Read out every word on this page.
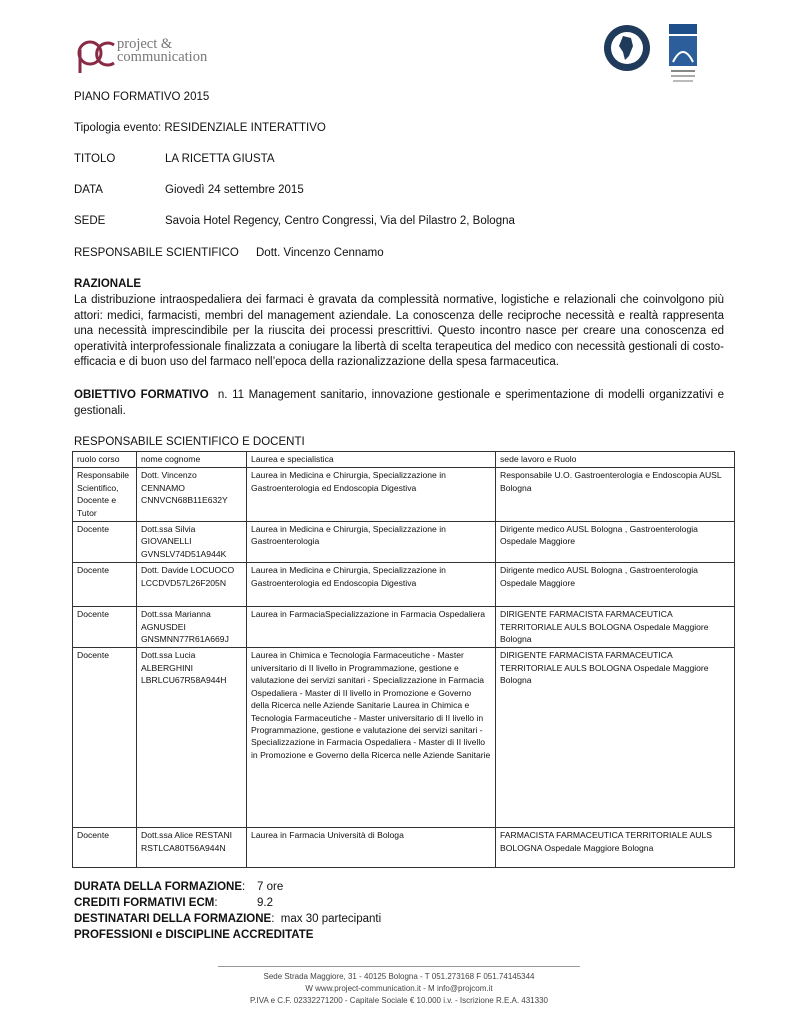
project &
communication
PIANO FORMATIVO 2015
Tipologia evento: RESIDENZIALE INTERATTIVO
TITOLO	LA RICETTA GIUSTA
DATA	Giovedì 24 settembre 2015
SEDE	Savoia Hotel Regency, Centro Congressi, Via del Pilastro 2, Bologna
RESPONSABILE SCIENTIFICO Dott. Vincenzo Cennamo
RAZIONALE
La distribuzione intraospedaliera dei farmaci è gravata da complessità normative, logistiche e relazionali che coinvolgono più attori: medici, farmacisti, membri del management aziendale. La conoscenza delle reciproche necessità e realtà rappresenta una necessità imprescindibile per la riuscita dei processi prescrittivi. Questo incontro nasce per creare una conoscenza ed operatività interprofessionale finalizzata a coniugare la libertà di scelta terapeutica del medico con necessità gestionali di costo-efficacia e di buon uso del farmaco nell’epoca della razionalizzazione della spesa farmaceutica.
OBIETTIVO FORMATIVO n. 11 Management sanitario, innovazione gestionale e sperimentazione di modelli organizzativi e gestionali.
RESPONSABILE SCIENTIFICO E DOCENTI
ruolo corso	nome cognome	Laurea e specialistica	sede lavoro e Ruolo
Responsabile Scientifico, Docente e Tutor	Dott. Vincenzo CENNAMO CNNVCN68B11E632Y	Laurea in Medicina e Chirurgia, Specializzazione in Gastroenterologia ed Endoscopia Digestiva	Responsabile U.O. Gastroenterologia e Endoscopia AUSL Bologna
Docente	Dott.ssa Silvia GIOVANELLI GVNSLV74D51A944K	Laurea in Medicina e Chirurgia, Specializzazione in Gastroenterologia	Dirigente medico AUSL Bologna , Gastroenterologia Ospedale Maggiore
Docente	Dott. Davide LOCUOCO LCCDVD57L26F205N	Laurea in Medicina e Chirurgia, Specializzazione in Gastroenterologia ed Endoscopia Digestiva	Dirigente medico AUSL Bologna , Gastroenterologia Ospedale Maggiore
Docente	Dott.ssa Marianna AGNUSDEI GNSMNN77R61A669J	Laurea in FarmaciaSpecializzazione in Farmacia Ospedaliera	DIRIGENTE FARMACISTA FARMACEUTICA TERRITORIALE AULS BOLOGNA Ospedale Maggiore Bologna
Docente	Dott.ssa Lucia ALBERGHINI LBRLCU67R58A944H	Laurea in Chimica e Tecnologia Farmaceutiche - Master universitario di II livello in Programmazione, gestione e valutazione dei servizi sanitari - Specializzazione in Farmacia Ospedaliera - Master di II livello in Promozione e Governo della Ricerca nelle Aziende Sanitarie Laurea in Chimica e Tecnologia Farmaceutiche - Master universitario di II livello in Programmazione, gestione e valutazione dei servizi sanitari - Specializzazione in Farmacia Ospedaliera - Master di II livello in Promozione e Governo della Ricerca nelle Aziende Sanitarie	DIRIGENTE FARMACISTA FARMACEUTICA TERRITORIALE AULS BOLOGNA Ospedale Maggiore Bologna
Docente	Dott.ssa Alice RESTANI RSTLCA80T56A944N	Laurea in Farmacia Università di Bologa	FARMACISTA FARMACEUTICA TERRITORIALE AULS BOLOGNA Ospedale Maggiore Bologna
DURATA DELLA FORMAZIONE: 7 ore
CREDITI FORMATIVI ECM:	9.2
DESTINATARI DELLA FORMAZIONE:  max 30 partecipanti
PROFESSIONI e DISCIPLINE ACCREDITATE
Sede Strada Maggiore, 31 - 40125 Bologna - T 051.273168 F 051.74145344
W www.project-communication.it - M info@projcom.it
P.IVA e C.F. 02332271200 - Capitale Sociale € 10.000 i.v. - Iscrizione R.E.A. 431330
